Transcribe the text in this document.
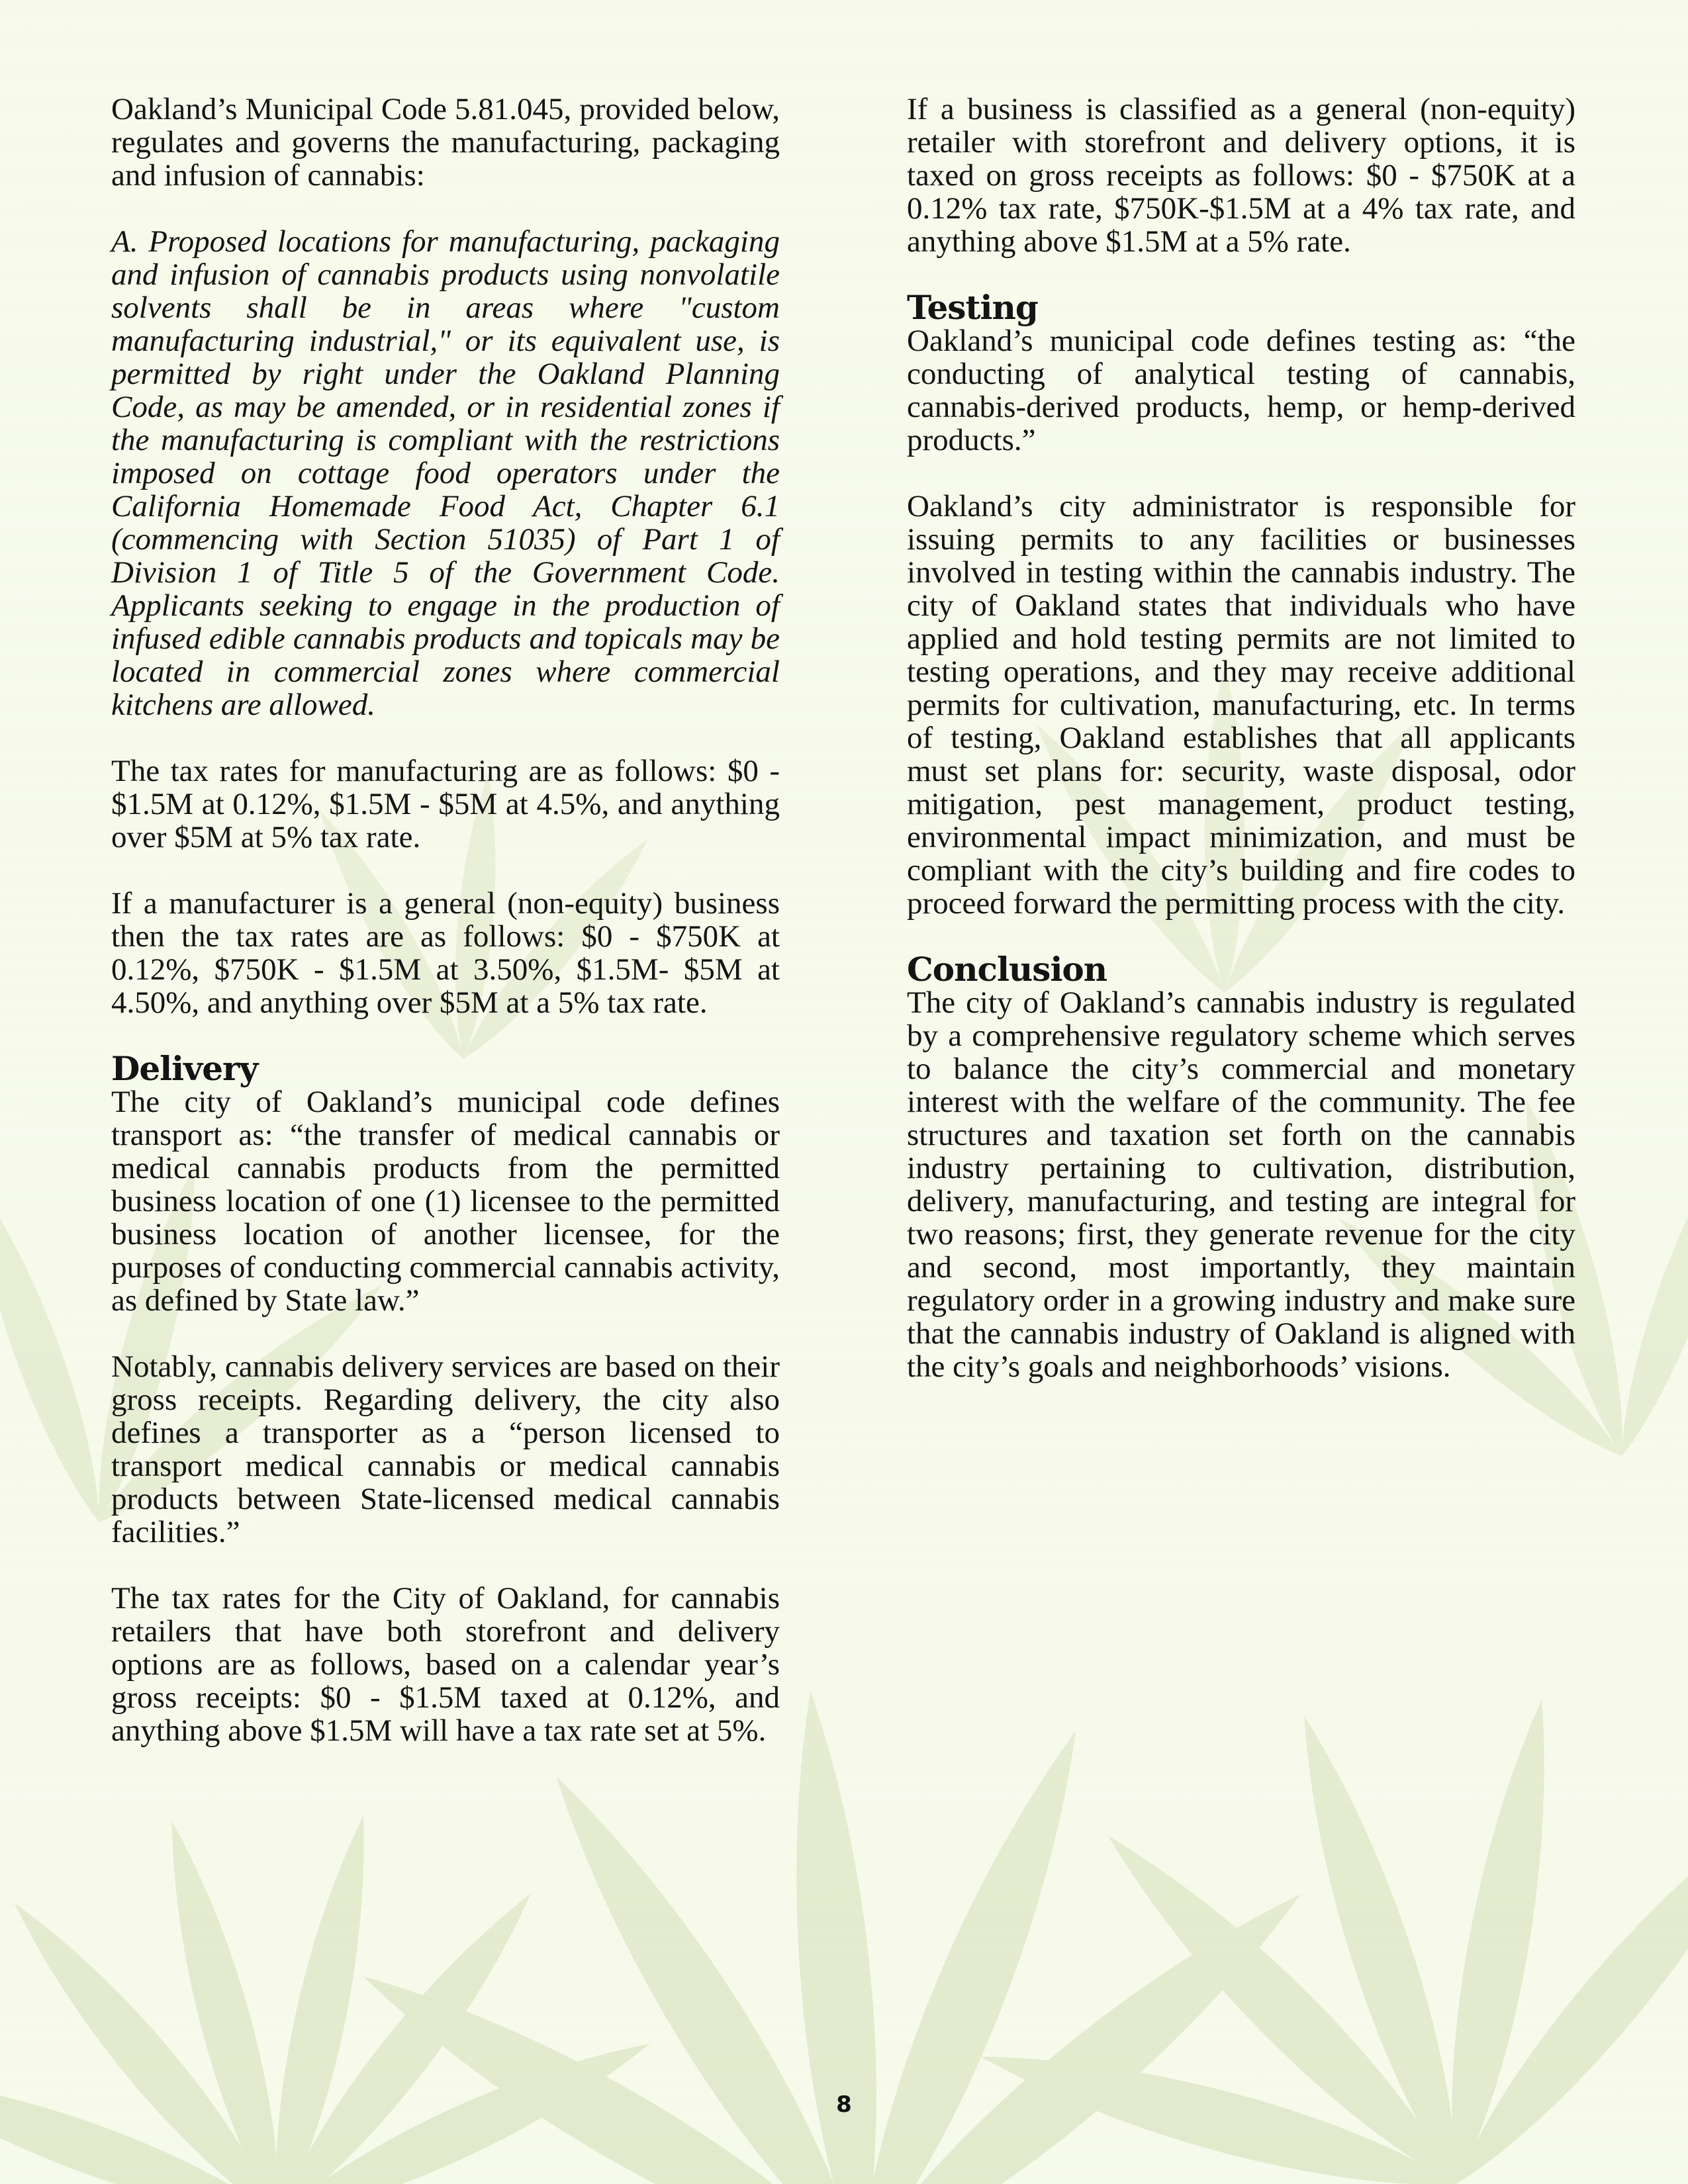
Oakland’s Municipal Code 5.81.045, provided below, regulates and governs the manufacturing, packaging and infusion of cannabis:

A. Proposed locations for manufacturing, packaging and infusion of cannabis products using nonvolatile solvents shall be in areas where "custom manufacturing industrial," or its equivalent use, is permitted by right under the Oakland Planning Code, as may be amended, or in residential zones if the manufacturing is compliant with the restrictions imposed on cottage food operators under the California Homemade Food Act, Chapter 6.1 (commencing with Section 51035) of Part 1 of Division 1 of Title 5 of the Government Code. Applicants seeking to engage in the production of infused edible cannabis products and topicals may be located in commercial zones where commercial kitchens are allowed.

The tax rates for manufacturing are as follows: $0 - $1.5M at 0.12%, $1.5M - $5M at 4.5%, and anything over $5M at 5% tax rate.

If a manufacturer is a general (non-equity) business then the tax rates are as follows: $0 - $750K at 0.12%, $750K - $1.5M at 3.50%, $1.5M- $5M at 4.50%, and anything over $5M at a 5% tax rate.

Delivery

The city of Oakland’s municipal code defines transport as: “the transfer of medical cannabis or medical cannabis products from the permitted business location of one (1) licensee to the permitted business location of another licensee, for the purposes of conducting commercial cannabis activity, as defined by State law.”

Notably, cannabis delivery services are based on their gross receipts. Regarding delivery, the city also defines a transporter as a “person licensed to transport medical cannabis or medical cannabis products between State-licensed medical cannabis facilities.”

The tax rates for the City of Oakland, for cannabis retailers that have both storefront and delivery options are as follows, based on a calendar year’s gross receipts: $0 - $1.5M taxed at 0.12%, and anything above $1.5M will have a tax rate set at 5%.

If a business is classified as a general (non-equity) retailer with storefront and delivery options, it is taxed on gross receipts as follows: $0 - $750K at a 0.12% tax rate, $750K-$1.5M at a 4% tax rate, and anything above $1.5M at a 5% rate.

Testing

Oakland’s municipal code defines testing as: “the conducting of analytical testing of cannabis, cannabis-derived products, hemp, or hemp-derived products.”

Oakland’s city administrator is responsible for issuing permits to any facilities or businesses involved in testing within the cannabis industry. The city of Oakland states that individuals who have applied and hold testing permits are not limited to testing operations, and they may receive additional permits for cultivation, manufacturing, etc. In terms of testing, Oakland establishes that all applicants must set plans for: security, waste disposal, odor mitigation, pest management, product testing, environmental impact minimization, and must be compliant with the city’s building and fire codes to proceed forward the permitting process with the city.

Conclusion

The city of Oakland’s cannabis industry is regulated by a comprehensive regulatory scheme which serves to balance the city’s commercial and monetary interest with the welfare of the community. The fee structures and taxation set forth on the cannabis industry pertaining to cultivation, distribution, delivery, manufacturing, and testing are integral for two reasons; first, they generate revenue for the city and second, most importantly, they maintain regulatory order in a growing industry and make sure that the cannabis industry of Oakland is aligned with the city’s goals and neighborhoods’ visions.

8
